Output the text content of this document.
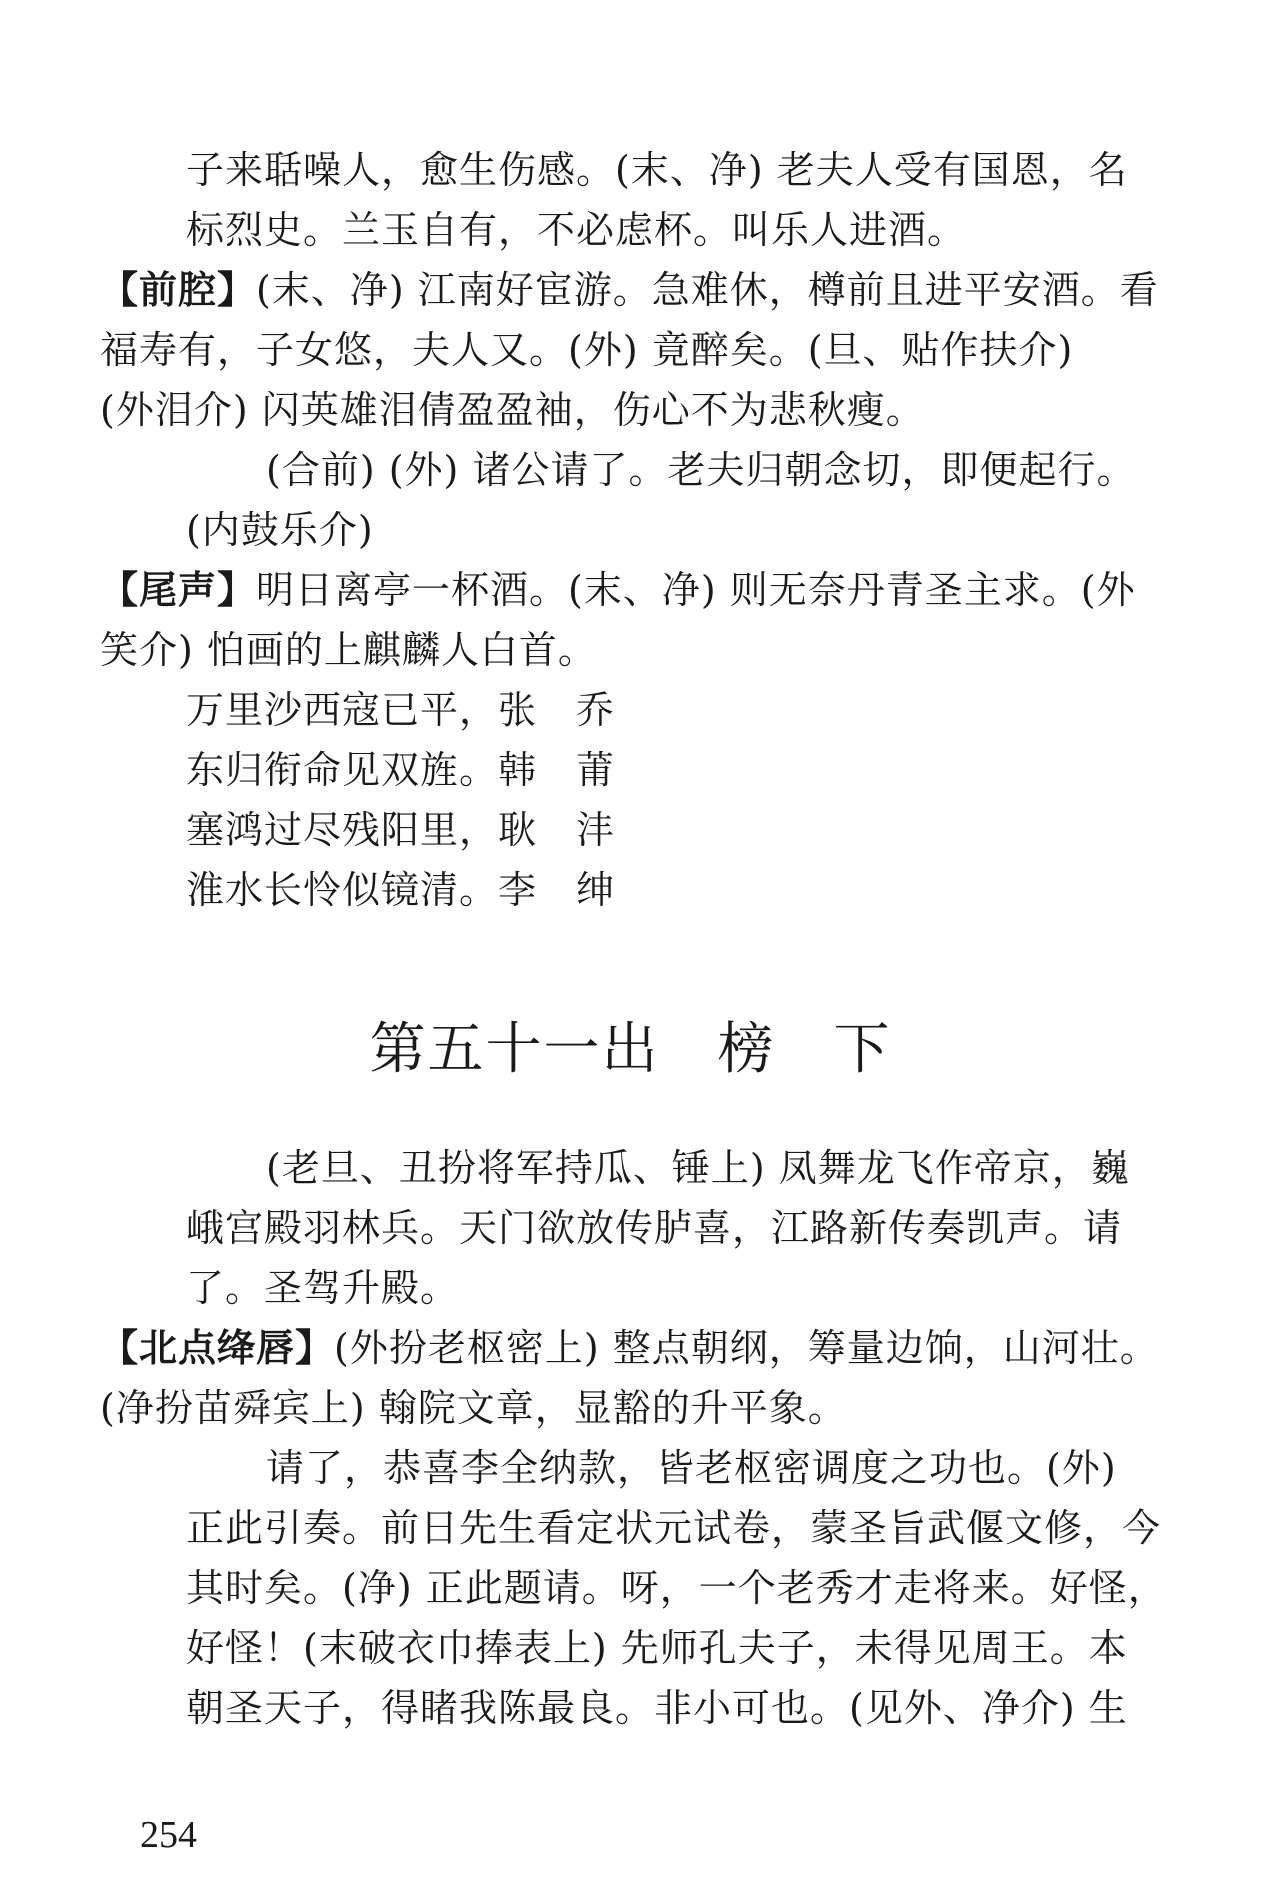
子来聒噪人，愈生伤感。(末、净) 老夫人受有国恩，名
标烈史。兰玉自有，不必虑杯。叫乐人进酒。
【前腔】(末、净) 江南好宦游。急难休，樽前且进平安酒。看
福寿有，子女悠，夫人又。(外) 竟醉矣。(旦、贴作扶介)
(外泪介) 闪英雄泪倩盈盈袖，伤心不为悲秋瘦。
(合前) (外) 诸公请了。老夫归朝念切，即便起行。
(内鼓乐介)
【尾声】明日离亭一杯酒。(末、净) 则无奈丹青圣主求。(外
笑介) 怕画的上麒麟人白首。
万里沙西寇已平，张　乔
东归衔命见双旌。韩　莆
塞鸿过尽残阳里，耿　沣
淮水长怜似镜清。李　绅
第五十一出　榜　下
(老旦、丑扮将军持瓜、锤上) 凤舞龙飞作帝京，巍
峨宫殿羽林兵。天门欲放传胪喜，江路新传奏凯声。请
了。圣驾升殿。
【北点绛唇】(外扮老枢密上) 整点朝纲，筹量边饷，山河壮。
(净扮苗舜宾上) 翰院文章，显豁的升平象。
请了，恭喜李全纳款，皆老枢密调度之功也。(外)
正此引奏。前日先生看定状元试卷，蒙圣旨武偃文修，今
其时矣。(净) 正此题请。呀，一个老秀才走将来。好怪，
好怪！(末破衣巾捧表上) 先师孔夫子，未得见周王。本
朝圣天子，得睹我陈最良。非小可也。(见外、净介) 生
254
